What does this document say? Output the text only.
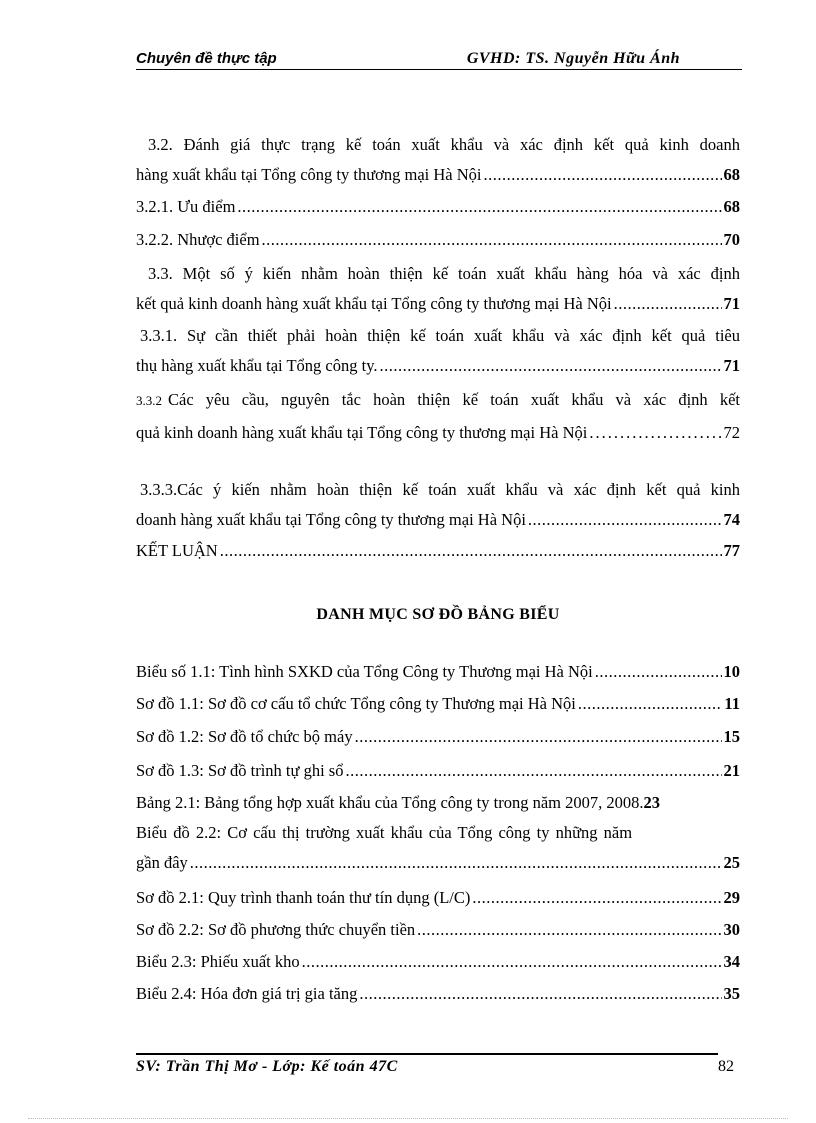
Chuyên đề thực tập	GVHD: TS. Nguyễn Hữu Ánh
3.2. Đánh giá thực trạng kế toán xuất khẩu và xác định kết quả kinh doanh
hàng xuất khẩu tại Tổng công ty thương mại Hà Nội .....	68
3.2.1. Ưu điểm .....	68
3.2.2. Nhược điểm .....	70
3.3. Một số ý kiến nhằm hoàn thiện kế toán xuất khẩu hàng hóa và xác định
kết quả kinh doanh hàng xuất khẩu tại Tổng công ty thương mại Hà Nội .....	71
3.3.1. Sự cần thiết phải hoàn thiện kế toán xuất khẩu và xác định kết quả tiêu
thụ hàng xuất khẩu tại Tổng công ty. .....	71
3.3.2 Các yêu cầu, nguyên tắc hoàn thiện kế toán xuất khẩu và xác định kết
quả kinh doanh hàng xuất khẩu tại Tổng công ty thương mại Hà Nội .....	72
3.3.3.Các ý kiến nhằm hoàn thiện kế toán xuất khẩu và xác định kết quả kinh
doanh hàng xuất khẩu tại Tổng công ty thương mại Hà Nội .....	74
KẾT LUẬN .....	77
DANH MỤC SƠ ĐỒ BẢNG BIỂU
Biểu số 1.1: Tình hình SXKD của Tổng Công ty Thương mại Hà Nội .....	10
Sơ đồ 1.1: Sơ đồ cơ cấu tổ chức Tổng công ty Thương mại Hà Nội .....	11
Sơ đồ 1.2: Sơ đồ tổ chức bộ máy .....	15
Sơ đồ 1.3: Sơ đồ trình tự ghi sổ .....	21
Bảng 2.1: Bảng tổng hợp xuất khẩu của Tổng công ty trong năm 2007, 2008. 23
Biểu đồ 2.2: Cơ cấu thị trường xuất khẩu của Tổng công ty những năm
gần đây .....	25
Sơ đồ 2.1: Quy trình thanh toán thư tín dụng (L/C) .....	29
Sơ đồ 2.2: Sơ đồ phương thức chuyển tiền .....	30
Biểu 2.3: Phiếu xuất kho .....	34
Biểu 2.4: Hóa đơn giá trị gia tăng .....	35
SV: Trần Thị Mơ - Lớp: Kế toán 47C	82
